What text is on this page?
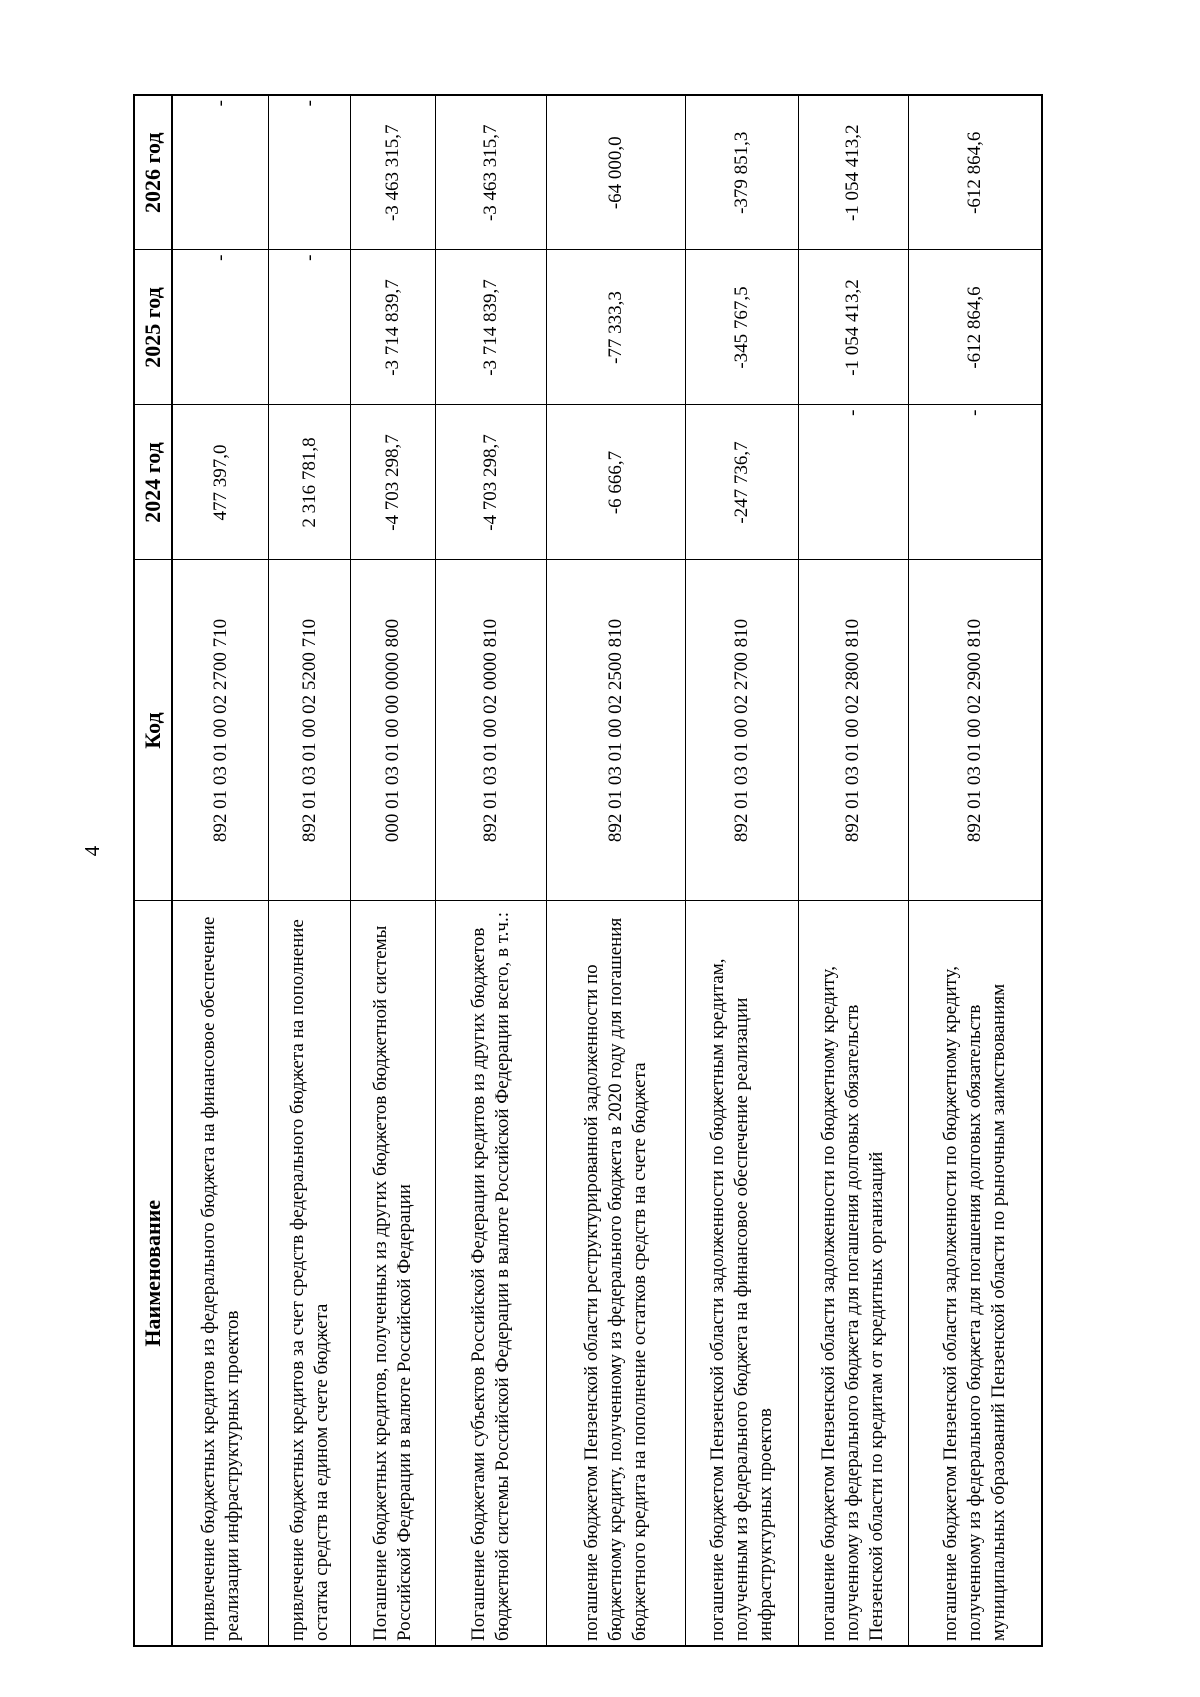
4
Наименование	Код	2024 год	2025 год	2026 год
привлечение бюджетных кредитов из федерального бюджета на финансовое обеспечение реализации инфраструктурных проектов	892 01 03 01 00 02 2700 710	477 397,0	-	-
привлечение бюджетных кредитов за счет средств федерального бюджета на пополнение остатка средств на едином счете бюджета	892 01 03 01 00 02 5200 710	2 316 781,8	-	-
Погашение бюджетных кредитов, полученных из других бюджетов бюджетной системы Российской Федерации в валюте Российской Федерации	000 01 03 01 00 00 0000 800	-4 703 298,7	-3 714 839,7	-3 463 315,7
Погашение бюджетами субъектов Российской Федерации кредитов из других бюджетов бюджетной системы Российской Федерации в валюте Российской Федерации всего, в т.ч.:	892 01 03 01 00 02 0000 810	-4 703 298,7	-3 714 839,7	-3 463 315,7
погашение бюджетом Пензенской области реструктурированной задолженности по бюджетному кредиту, полученному из федерального бюджета в 2020 году для погашения бюджетного кредита на пополнение остатков средств на счете бюджета	892 01 03 01 00 02 2500 810	-6 666,7	-77 333,3	-64 000,0
погашение бюджетом Пензенской области задолженности по бюджетным кредитам, полученным из федерального бюджета на финансовое обеспечение реализации инфраструктурных проектов	892 01 03 01 00 02 2700 810	-247 736,7	-345 767,5	-379 851,3
погашение бюджетом Пензенской области задолженности по бюджетному кредиту, полученному из федерального бюджета для погашения долговых обязательств Пензенской области по кредитам от кредитных организаций	892 01 03 01 00 02 2800 810	-	-1 054 413,2	-1 054 413,2
погашение бюджетом Пензенской области задолженности по бюджетному кредиту, полученному из федерального бюджета для погашения долговых обязательств муниципальных образований Пензенской области по рыночным заимствованиям	892 01 03 01 00 02 2900 810	-	-612 864,6	-612 864,6
